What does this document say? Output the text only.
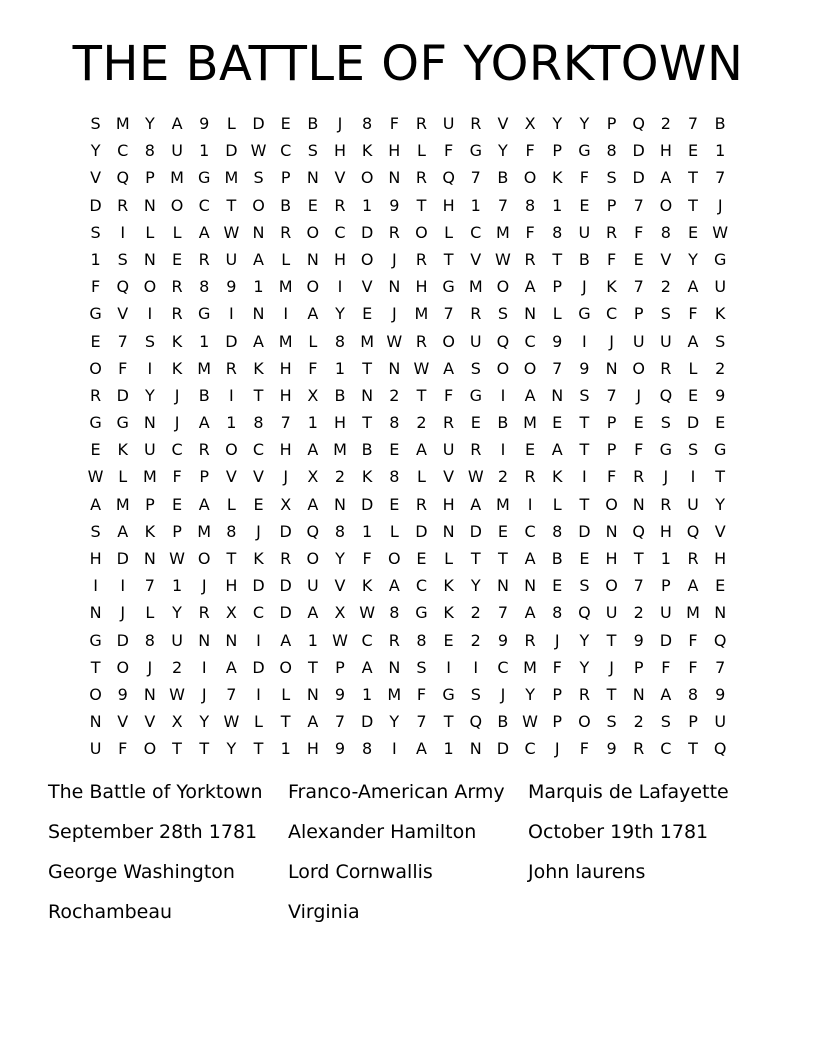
THE BATTLE OF YORKTOWN
S M Y	A	9	L	D E	B	J	8	F	R U R	V	X	Y	Y	P	Q 2	7	B
Y	C	8	U	1 D W C	S	H K H	L	F	G	Y	F	P	G 8 D H	E	1
V Q	P M G M S	P	N V O N R Q 7	B O K	F	S D A	T	7
D R N O C	T O B	E	R	1	9	T	H	1	7	8	1	E	P	7 O T	J
S	I	L	L	A W N R O C D R O	L	C M F	8	U R	F	8	E W
1	S	N	E	R U A	L	N H O	J	R	T	V W R	T	B	F	E	V	Y	G
F	Q O R	8	9	1 M O	I	V N H G M O A	P	J	K	7	2	A U
G V	I	R G	I	N	I	A	Y	E	J	M 7	R	S	N	L	G C	P	S	F	K
E	7	S	K	1 D A M L	8 M W R O U Q C	9	I	J	U U A	S
O	F	I	K M R	K H	F	1	T	N W A	S O O 7	9	N O R	L	2
R D	Y	J	B	I	T	H X	B N	2	T	F	G	I	A N	S	7	J	Q E	9
G G N	J	A	1	8	7	1	H	T	8	2	R	E	B M E	T	P	E	S D E
E	K	U C	R O C H A M B	E	A U R	I	E	A	T	P	F	G S G
W L M F	P	V	V	J	X	2	K	8	L	V W 2	R	K	I	F	R	J	I	T
A M P	E	A	L	E	X	A N D E	R H A M	I	L	T O N R U	Y
S	A	K	P M 8	J	D Q 8	1	L	D N D E	C	8 D N Q H Q V
H D N W O T	K	R O Y	F	O E	L	T	T	A	B	E	H	T	1	R H
I	I	7	1	J	H D D U V	K	A	C	K	Y	N N	E	S O 7	P	A	E
N	J	L	Y	R	X	C D A	X W 8 G K	2	7	A	8 Q U	2	U M N
G D 8	U N N	I	A	1 W C	R	8	E	2	9	R	J	Y	T	9 D	F	Q
T O	J	2	I	A D O T	P	A N	S	I	I	C M F	Y	J	P	F	F	7
O 9	N W	J	7	I	L	N	9	1 M F	G S	J	Y	P	R	T	N A	8	9
N V	V	X	Y W L	T	A	7 D	Y	7	T Q B W P	O S	2	S	P	U
U	F	O T	T	Y	T	1	H	9	8	I	A	1	N D C	J	F	9	R	C	T Q
The Battle of Yorktown	Franco-American Army	Marquis de Lafayette
September 28th 1781	Alexander Hamilton	October 19th 1781
George Washington	Lord Cornwallis	John laurens
Rochambeau	Virginia
